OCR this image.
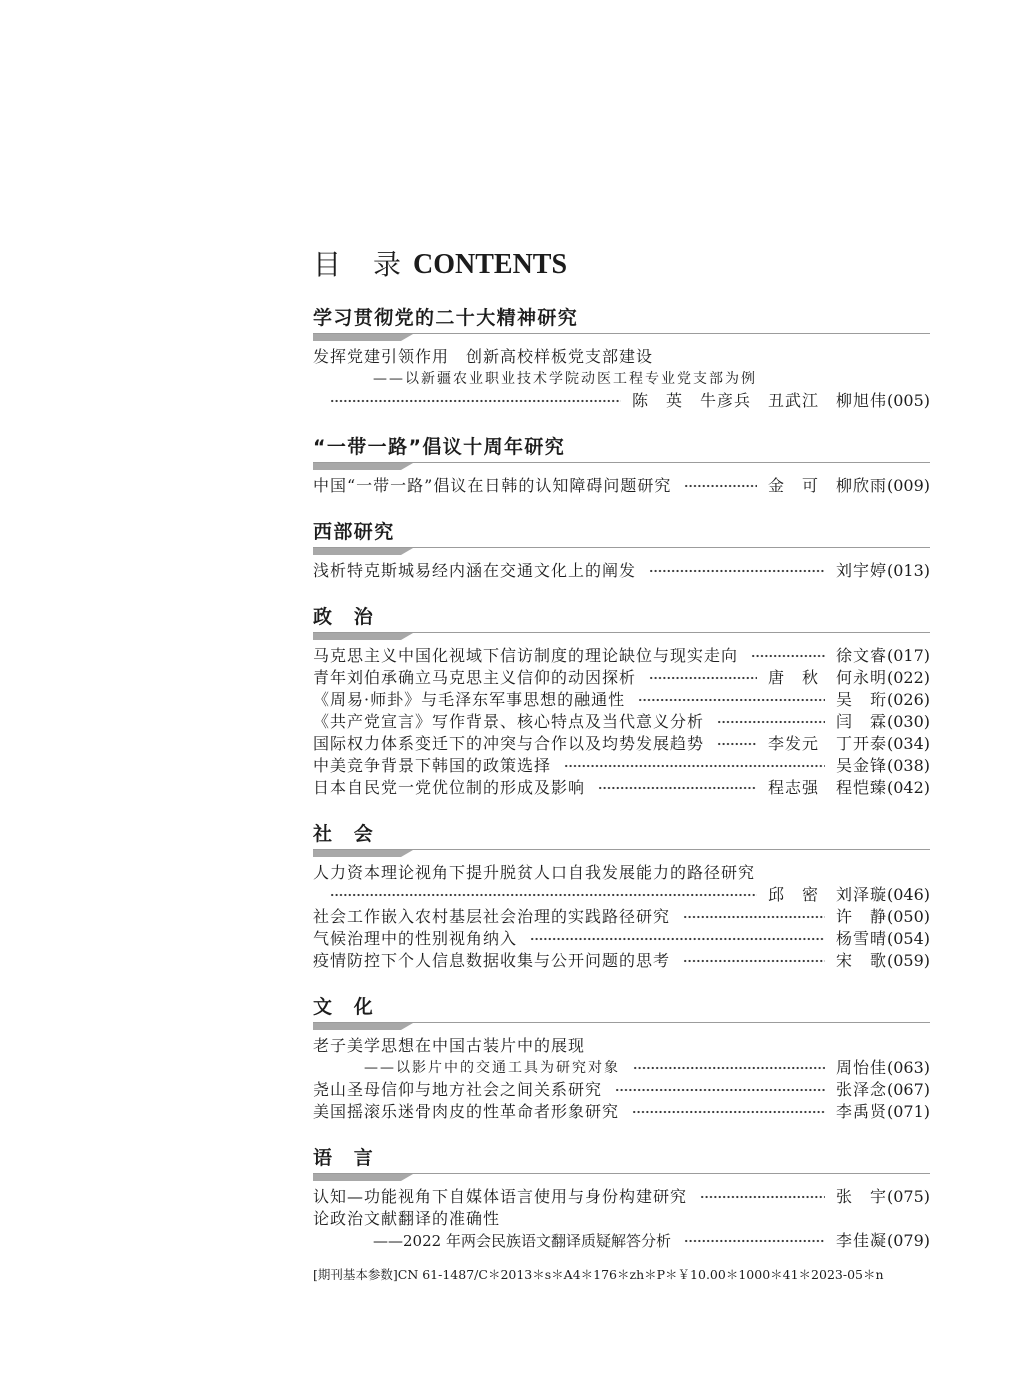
目　录 CONTENTS
学习贯彻党的二十大精神研究
发挥党建引领作用　创新高校样板党支部建设
——以新疆农业职业技术学院动医工程专业党支部为例
陈　英　牛彦兵　丑武江　柳旭伟 (005)
“一带一路”倡议十周年研究
中国“一带一路”倡议在日韩的认知障碍问题研究	金　可　柳欣雨 (009)
西部研究
浅析特克斯城易经内涵在交通文化上的阐发	刘宇婷 (013)
政　治
马克思主义中国化视域下信访制度的理论缺位与现实走向	徐文睿 (017)
青年刘伯承确立马克思主义信仰的动因探析	唐　秋　何永明 (022)
《周易·师卦》与毛泽东军事思想的融通性	吴　珩 (026)
《共产党宣言》写作背景、核心特点及当代意义分析	闫　霖 (030)
国际权力体系变迁下的冲突与合作以及均势发展趋势	李发元　丁开泰 (034)
中美竞争背景下韩国的政策选择	吴金锋 (038)
日本自民党一党优位制的形成及影响	程志强　程恺臻 (042)
社　会
人力资本理论视角下提升脱贫人口自我发展能力的路径研究
邱　密　刘泽璇 (046)
社会工作嵌入农村基层社会治理的实践路径研究	许　静 (050)
气候治理中的性别视角纳入	杨雪晴 (054)
疫情防控下个人信息数据收集与公开问题的思考	宋　歌 (059)
文　化
老子美学思想在中国古装片中的展现
——以影片中的交通工具为研究对象	周怡佳 (063)
尧山圣母信仰与地方社会之间关系研究	张泽念 (067)
美国摇滚乐迷骨肉皮的性革命者形象研究	李禹贤 (071)
语　言
认知—功能视角下自媒体语言使用与身份构建研究	张　宇 (075)
论政治文献翻译的准确性
——2022 年两会民族语文翻译质疑解答分析	李佳凝 (079)
[期刊基本参数]CN 61-1487/C＊2013＊s＊A4＊176＊zh＊P＊￥10.00＊1000＊41＊2023-05＊n
